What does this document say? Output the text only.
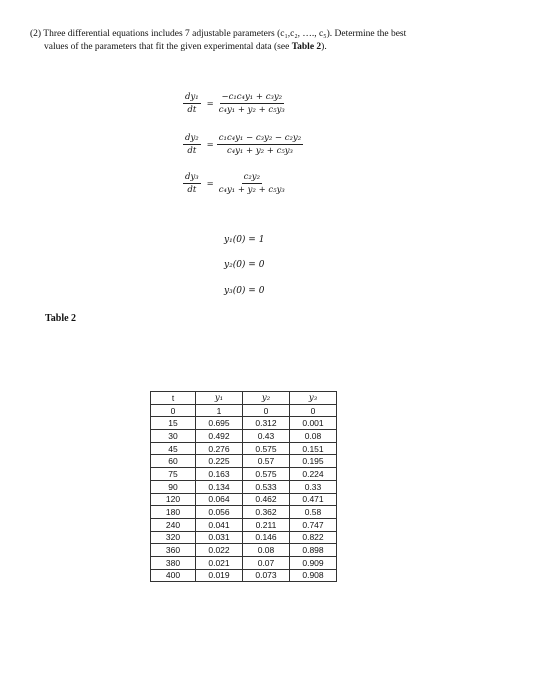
(2) Three differential equations includes 7 adjustable parameters (c₁,c₂, …., c₅). Determine the best
values of the parameters that fit the given experimental data (see Table 2).
$\frac{\text{dy₁}}{dt} = \frac{\text{−c₁c₄y₁ + c₃y₂}}{\text{c₄y₁ + y₂ + c₅y₃}}$
$\frac{\text{dy₂}}{dt} = \frac{\text{c₁c₄y₁ − c₃y₂ − c₂y₂}}{\text{c₄y₁ + y₂ + c₅y₃}}$
$\frac{\text{dy₃}}{dt} = \frac{\text{c₂y₂}}{\text{c₄y₁ + y₂ + c₅y₃}}$
y₁(0) = 1
y₂(0) = 0
y₃(0) = 0
Table 2
t	y₁	y₂	y₃
0	1	0	0
15	0.695	0.312	0.001
30	0.492	0.43	0.08
45	0.276	0.575	0.151
60	0.225	0.57	0.195
75	0.163	0.575	0.224
90	0.134	0.533	0.33
120	0.064	0.462	0.471
180	0.056	0.362	0.58
240	0.041	0.211	0.747
320	0.031	0.146	0.822
360	0.022	0.08	0.898
380	0.021	0.07	0.909
400	0.019	0.073	0.908
